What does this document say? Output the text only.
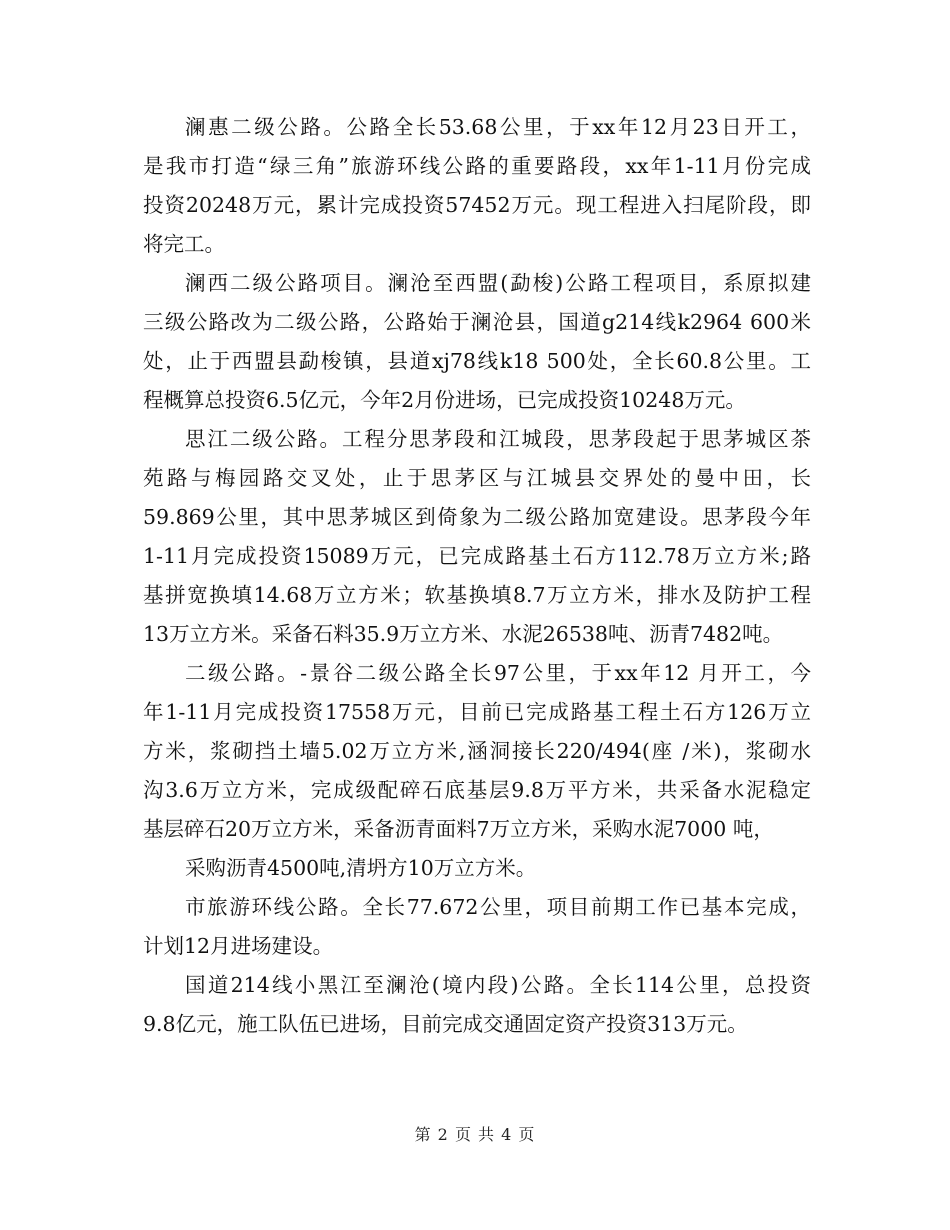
澜惠二级公路。公路全长53.68公里，于xx年12月23日开工，
是我市打造“绿三角”旅游环线公路的重要路段，xx年1-11月份完成
投资20248万元，累计完成投资57452万元。现工程进入扫尾阶段，即
将完工。
澜西二级公路项目。澜沧至西盟(勐梭)公路工程项目，系原拟建
三级公路改为二级公路，公路始于澜沧县，国道g214线k2964 600米
处，止于西盟县勐梭镇，县道xj78线k18 500处，全长60.8公里。工
程概算总投资6.5亿元，今年2月份进场，已完成投资10248万元。
思江二级公路。工程分思茅段和江城段，思茅段起于思茅城区茶
苑路与梅园路交叉处，止于思茅区与江城县交界处的曼中田，长
59.869公里，其中思茅城区到倚象为二级公路加宽建设。思茅段今年
1-11月完成投资15089万元，已完成路基土石方112.78万立方米;路
基拼宽换填14.68万立方米；软基换填8.7万立方米，排水及防护工程
13万立方米。采备石料35.9万立方米、水泥26538吨、沥青7482吨。
二级公路。-景谷二级公路全长97公里，于xx年12 月开工，今
年1-11月完成投资17558万元，目前已完成路基工程土石方126万立
方米，浆砌挡土墙5.02万立方米,涵洞接长220/494(座 /米)，浆砌水
沟3.6万立方米，完成级配碎石底基层9.8万平方米，共采备水泥稳定
基层碎石20万立方米，采备沥青面料7万立方米，采购水泥7000 吨，
采购沥青4500吨,清坍方10万立方米。
市旅游环线公路。全长77.672公里，项目前期工作已基本完成，
计划12月进场建设。
国道214线小黑江至澜沧(境内段)公路。全长114公里，总投资
9.8亿元，施工队伍已进场，目前完成交通固定资产投资313万元。
第 2 页 共 4 页
